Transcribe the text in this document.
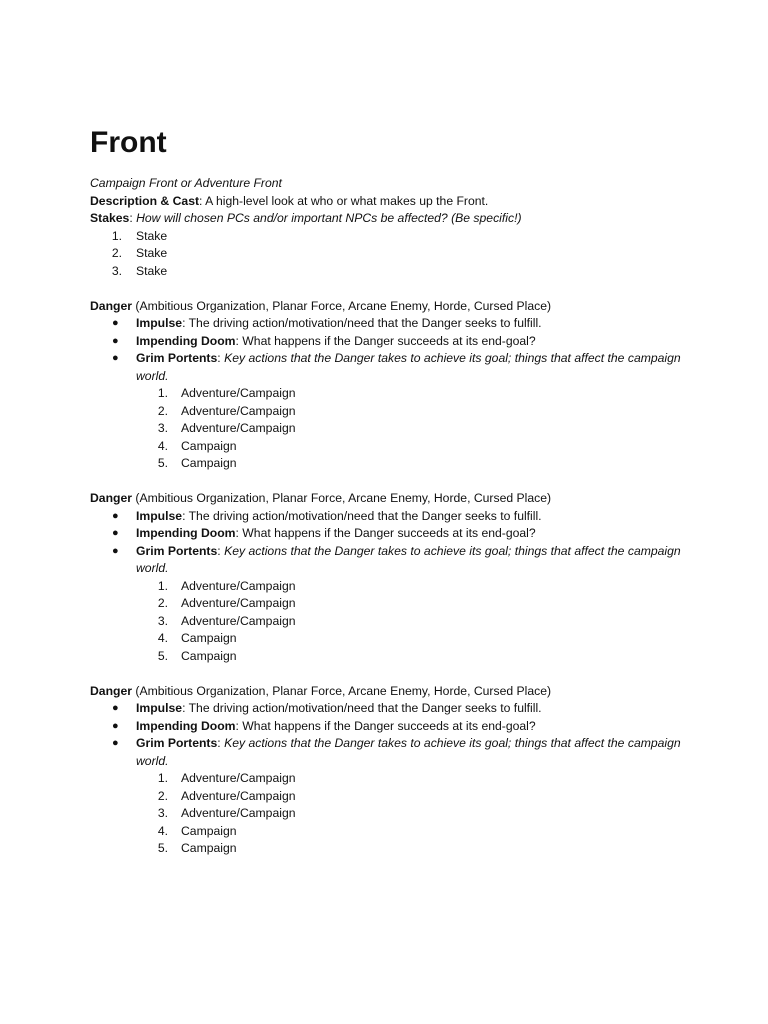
Front
Campaign Front or Adventure Front
Description & Cast: A high-level look at who or what makes up the Front.
Stakes: How will chosen PCs and/or important NPCs be affected? (Be specific!)
1. Stake
2. Stake
3. Stake
Danger (Ambitious Organization, Planar Force, Arcane Enemy, Horde, Cursed Place)
● Impulse: The driving action/motivation/need that the Danger seeks to fulfill.
● Impending Doom: What happens if the Danger succeeds at its end-goal?
● Grim Portents: Key actions that the Danger takes to achieve its goal; things that affect the campaign world.
1. Adventure/Campaign
2. Adventure/Campaign
3. Adventure/Campaign
4. Campaign
5. Campaign
Danger (Ambitious Organization, Planar Force, Arcane Enemy, Horde, Cursed Place)
● Impulse: The driving action/motivation/need that the Danger seeks to fulfill.
● Impending Doom: What happens if the Danger succeeds at its end-goal?
● Grim Portents: Key actions that the Danger takes to achieve its goal; things that affect the campaign world.
1. Adventure/Campaign
2. Adventure/Campaign
3. Adventure/Campaign
4. Campaign
5. Campaign
Danger (Ambitious Organization, Planar Force, Arcane Enemy, Horde, Cursed Place)
● Impulse: The driving action/motivation/need that the Danger seeks to fulfill.
● Impending Doom: What happens if the Danger succeeds at its end-goal?
● Grim Portents: Key actions that the Danger takes to achieve its goal; things that affect the campaign world.
1. Adventure/Campaign
2. Adventure/Campaign
3. Adventure/Campaign
4. Campaign
5. Campaign
